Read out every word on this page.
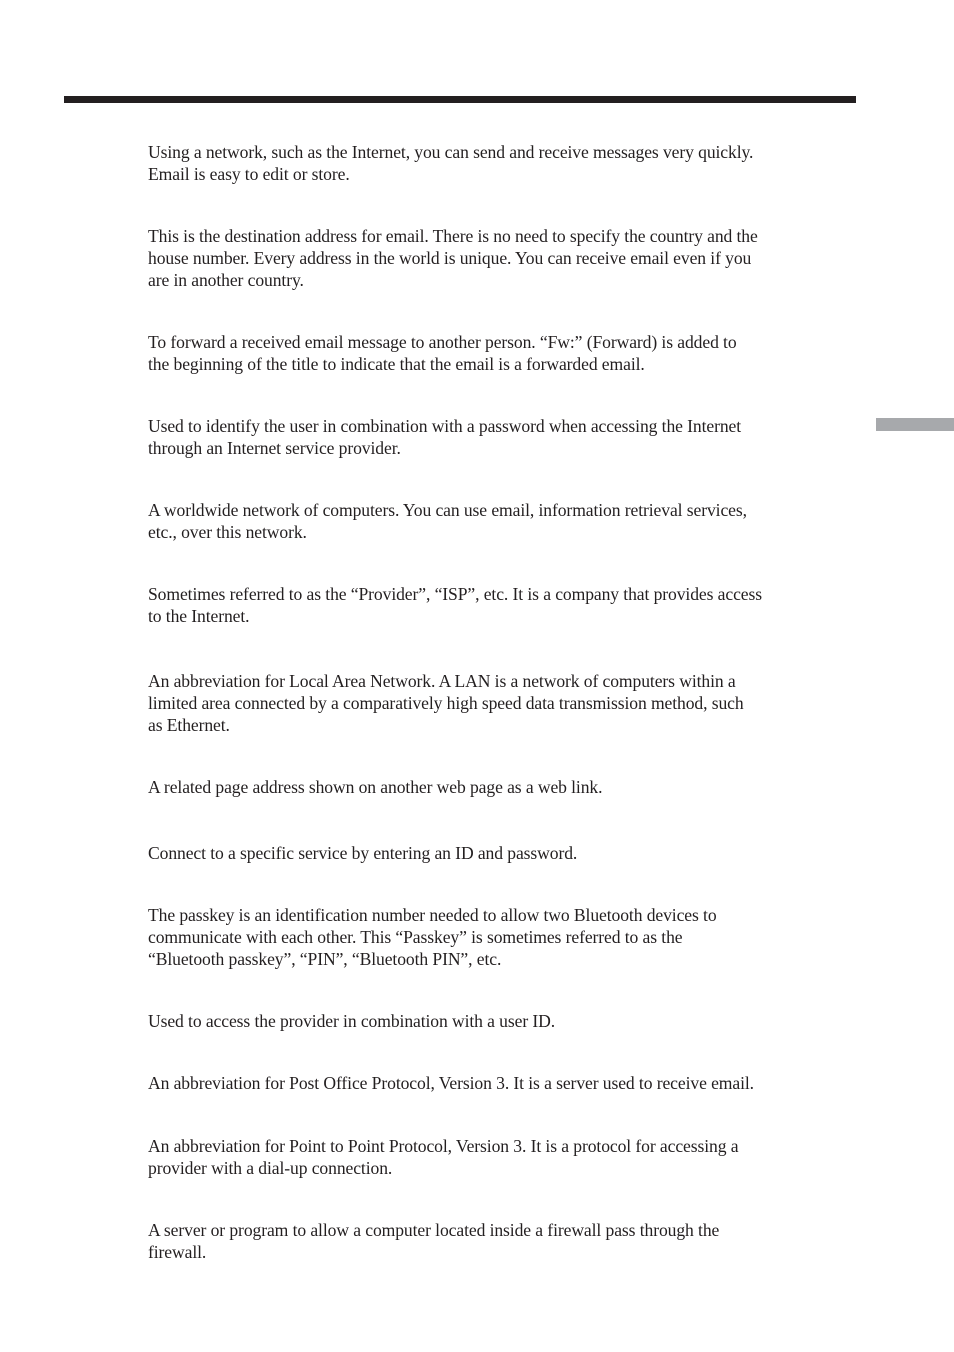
Using a network, such as the Internet, you can send and receive messages very quickly.
Email is easy to edit or store.
This is the destination address for email. There is no need to specify the country and the
house number. Every address in the world is unique. You can receive email even if you
are in another country.
To forward a received email message to another person. “Fw:” (Forward) is added to
the beginning of the title to indicate that the email is a forwarded email.
Used to identify the user in combination with a password when accessing the Internet
through an Internet service provider.
A worldwide network of computers. You can use email, information retrieval services,
etc., over this network.
Sometimes referred to as the “Provider”, “ISP”, etc. It is a company that provides access
to the Internet.
An abbreviation for Local Area Network. A LAN is a network of computers within a
limited area connected by a comparatively high speed data transmission method, such
as Ethernet.
A related page address shown on another web page as a web link.
Connect to a specific service by entering an ID and password.
The passkey is an identification number needed to allow two Bluetooth devices to
communicate with each other. This “Passkey” is sometimes referred to as the
“Bluetooth passkey”, “PIN”, “Bluetooth PIN”, etc.
Used to access the provider in combination with a user ID.
An abbreviation for Post Office Protocol, Version 3. It is a server used to receive email.
An abbreviation for Point to Point Protocol, Version 3. It is a protocol for accessing a
provider with a dial-up connection.
A server or program to allow a computer located inside a firewall pass through the
firewall.
